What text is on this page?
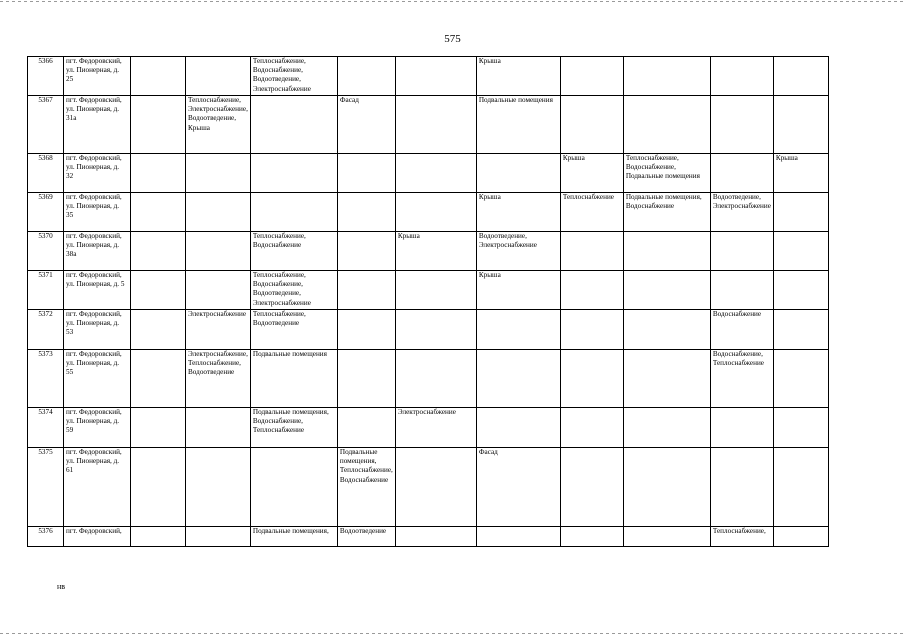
575
5366	пгт. Федоровский, ул. Пионерная, д. 25			Теплоснабжение, Водоснабжение, Водоотведение, Электроснабжение			Крыша				
5367	пгт. Федоровский, ул. Пионерная, д. 31а		Теплоснабжение, Электроснабжение, Водоотведение, Крыша		Фасад		Подвальные помещения				
5368	пгт. Федоровский, ул. Пионерная, д. 32							Крыша	Теплоснабжение, Водоснабжение, Подвальные помещения		Крыша
5369	пгт. Федоровский, ул. Пионерная, д. 35						Крыша	Теплоснабжение	Подвальные помещения, Водоснабжение	Водоотведение, Электроснабжение	
5370	пгт. Федоровский, ул. Пионерная, д. 38а			Теплоснабжение, Водоснабжение		Крыша	Водоотведение, Электроснабжение				
5371	пгт. Федоровский, ул. Пионерная, д. 5			Теплоснабжение, Водоснабжение, Водоотведение, Электроснабжение			Крыша				
5372	пгт. Федоровский, ул. Пионерная, д. 53		Электроснабжение	Теплоснабжение, Водоотведение						Водоснабжение	
5373	пгт. Федоровский, ул. Пионерная, д. 55		Электроснабжение, Теплоснабжение, Водоотведение	Подвальные помещения						Водоснабжение, Теплоснабжение	
5374	пгт. Федоровский, ул. Пионерная, д. 59			Подвальные помещения, Водоснабжение, Теплоснабжение		Электроснабжение					
5375	пгт. Федоровский, ул. Пионерная, д. 61				Подвальные помещения, Теплоснабжение, Водоснабжение		Фасад				
5376	пгт. Федоровский,			Подвальные помещения,	Водоотведение					Теплоснабжение,	
нв
